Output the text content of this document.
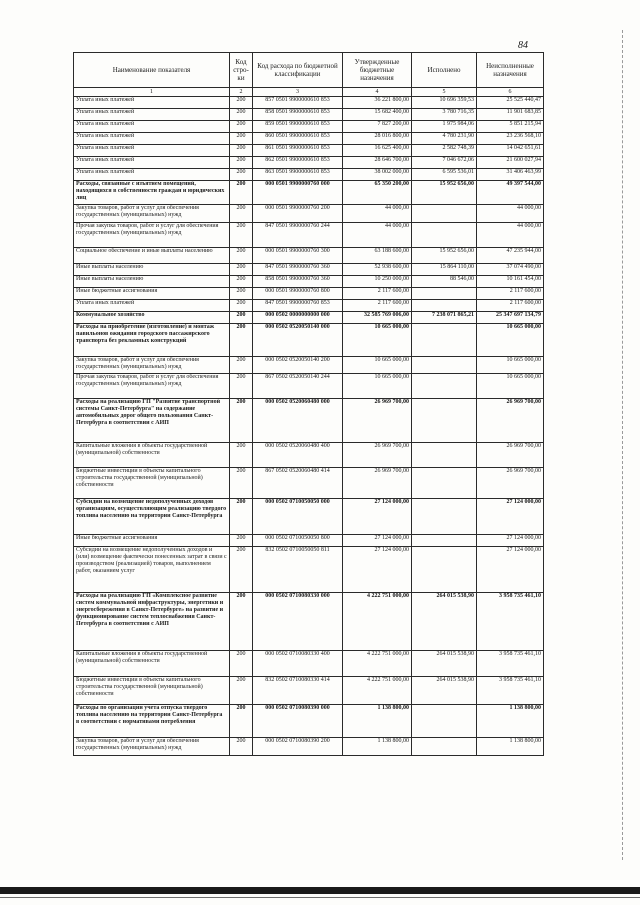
84
Наименование показателя	Код стро-ки	Код расхода по бюджетной классификации	Утвержденные бюджетные назначения	Исполнено	Неисполненные назначения
1	2	3	4	5	6
Уплата иных платежей	200	857 0501 9900000610 853	36 221 800,00	10 696 359,53	25 525 440,47
Уплата иных платежей	200	858 0501 9900000610 853	15 682 400,00	3 780 716,35	11 901 683,85
Уплата иных платежей	200	859 0501 9900000610 853	7 827 200,00	1 975 984,06	5 851 215,94
Уплата иных платежей	200	860 0501 9900000610 853	28 016 800,00	4 780 231,90	23 236 568,10
Уплата иных платежей	200	861 0501 9900000610 853	16 625 400,00	2 582 748,39	14 042 651,61
Уплата иных платежей	200	862 0501 9900000610 853	28 646 700,00	7 046 672,06	21 600 027,94
Уплата иных платежей	200	863 0501 9900000610 853	38 002 000,00	6 595 536,01	31 406 463,99
Расходы, связанные с изъятием помещений, находящихся в собственности граждан и юридических лиц	200	000 0501 9900000760 000	65 350 200,00	15 952 656,00	49 397 544,00
Закупка товаров, работ и услуг для обеспечения государственных (муниципальных) нужд	200	000 0501 9900000760 200	44 000,00		44 000,00
Прочая закупка товаров, работ и услуг для обеспечения государственных (муниципальных) нужд	200	847 0501 9900000760 244	44 000,00		44 000,00
Социальное обеспечение и иные выплаты населению	200	000 0501 9900000760 300	63 188 600,00	15 952 656,00	47 235 944,00
Иные выплаты населению	200	847 0501 9900000760 360	52 938 600,00	15 864 110,00	37 074 490,00
Иные выплаты населению	200	858 0501 9900000760 360	10 250 000,00	88 546,00	10 161 454,00
Иные бюджетные ассигнования	200	000 0501 9900000760 800	2 117 600,00		2 117 600,00
Уплата иных платежей	200	847 0501 9900000760 853	2 117 600,00		2 117 600,00
Коммунальное хозяйство	200	000 0502 0000000000 000	32 585 769 006,00	7 238 071 865,21	25 347 697 134,79
Расходы на приобретение (изготовление) и монтаж павильонов ожидания городского пассажирского транспорта без рекламных конструкций	200	000 0502 0520050140 000	10 665 000,00		10 665 000,00
Закупка товаров, работ и услуг для обеспечения государственных (муниципальных) нужд	200	000 0502 0520050140 200	10 665 000,00		10 665 000,00
Прочая закупка товаров, работ и услуг для обеспечения государственных (муниципальных) нужд	200	867 0502 0520050140 244	10 665 000,00		10 665 000,00
Расходы на реализацию ГП "Развитие транспортной системы Санкт-Петербурга" на содержание автомобильных дорог общего пользования Санкт-Петербурга в соответствии с АИП	200	000 0502 0520060480 000	26 969 700,00		26 969 700,00
Капитальные вложения в объекты государственной (муниципальной) собственности	200	000 0502 0520060480 400	26 969 700,00		26 969 700,00
Бюджетные инвестиции в объекты капитального строительства государственной (муниципальной) собственности	200	867 0502 0520060480 414	26 969 700,00		26 969 700,00
Субсидии на возмещение недополученных доходов организациям, осуществляющим реализацию твердого топлива населению на территории Санкт-Петербурга	200	000 0502 0710050050 000	27 124 000,00		27 124 000,00
Иные бюджетные ассигнования	200	000 0502 0710050050 800	27 124 000,00		27 124 000,00
Субсидии на возмещение недополученных доходов и (или) возмещение фактически понесенных затрат в связи с производством (реализацией) товаров, выполнением работ, оказанием услуг	200	832 0502 0710050050 811	27 124 000,00		27 124 000,00
Расходы на реализацию ГП «Комплексное развитие систем коммунальной инфраструктуры, энергетики и энергосбережения в Санкт-Петербурге» на развитие и функционирование систем теплоснабжения Санкт-Петербурга в соответствии с АИП	200	000 0502 0710080330 000	4 222 751 000,00	264 015 538,90	3 958 735 461,10
Капитальные вложения в объекты государственной (муниципальной) собственности	200	000 0502 0710080330 400	4 222 751 000,00	264 015 538,90	3 958 735 461,10
Бюджетные инвестиции в объекты капитального строительства государственной (муниципальной) собственности	200	832 0502 0710080330 414	4 222 751 000,00	264 015 538,90	3 958 735 461,10
Расходы по организации учета отпуска твердого топлива населению на территории Санкт-Петербурга в соответствии с нормативами потребления	200	000 0502 0710080390 000	1 138 800,00		1 138 800,00
Закупка товаров, работ и услуг для обеспечения государственных (муниципальных) нужд	200	000 0502 0710080390 200	1 138 800,00		1 138 800,00
